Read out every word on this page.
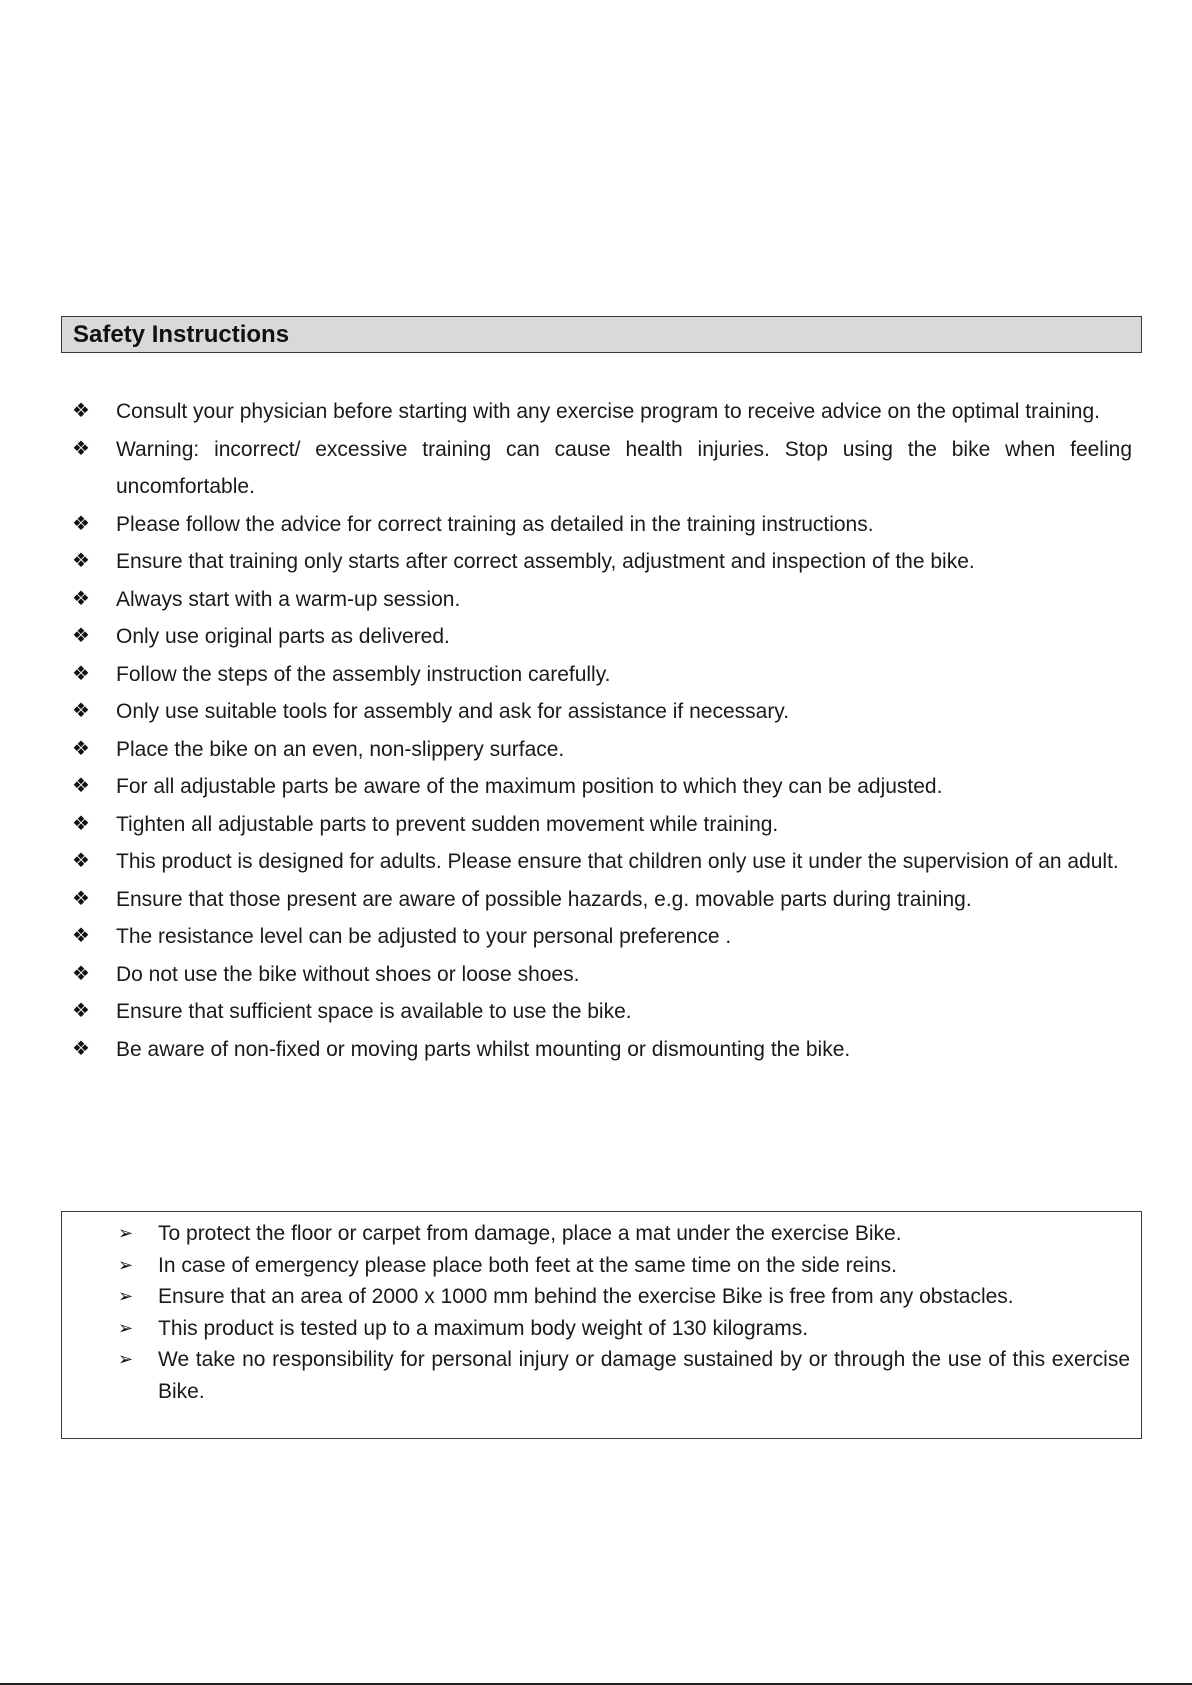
Safety Instructions
❖	Consult your physician before starting with any exercise program to receive advice on the optimal training.
❖	Warning: incorrect/ excessive training can cause health injuries. Stop using the bike when feeling uncomfortable.
❖	Please follow the advice for correct training as detailed in the training instructions.
❖	Ensure that training only starts after correct assembly, adjustment and inspection of the bike.
❖	Always start with a warm-up session.
❖	Only use original parts as delivered.
❖	Follow the steps of the assembly instruction carefully.
❖	Only use suitable tools for assembly and ask for assistance if necessary.
❖	Place the bike on an even, non-slippery surface.
❖	For all adjustable parts be aware of the maximum position to which they can be adjusted.
❖	Tighten all adjustable parts to prevent sudden movement while training.
❖	This product is designed for adults. Please ensure that children only use it under the supervision of an adult.
❖	Ensure that those present are aware of possible hazards, e.g. movable parts during training.
❖	The resistance level can be adjusted to your personal preference .
❖	Do not use the bike without shoes or loose shoes.
❖	Ensure that sufficient space is available to use the bike.
❖	Be aware of non-fixed or moving parts whilst mounting or dismounting the bike.
➢	To protect the floor or carpet from damage, place a mat under the exercise Bike.
➢	In case of emergency please place both feet at the same time on the side reins.
➢	Ensure that an area of 2000 x 1000 mm behind the exercise Bike is free from any obstacles.
➢	This product is tested up to a maximum body weight of 130 kilograms.
➢	We take no responsibility for personal injury or damage sustained by or through the use of this exercise Bike.
